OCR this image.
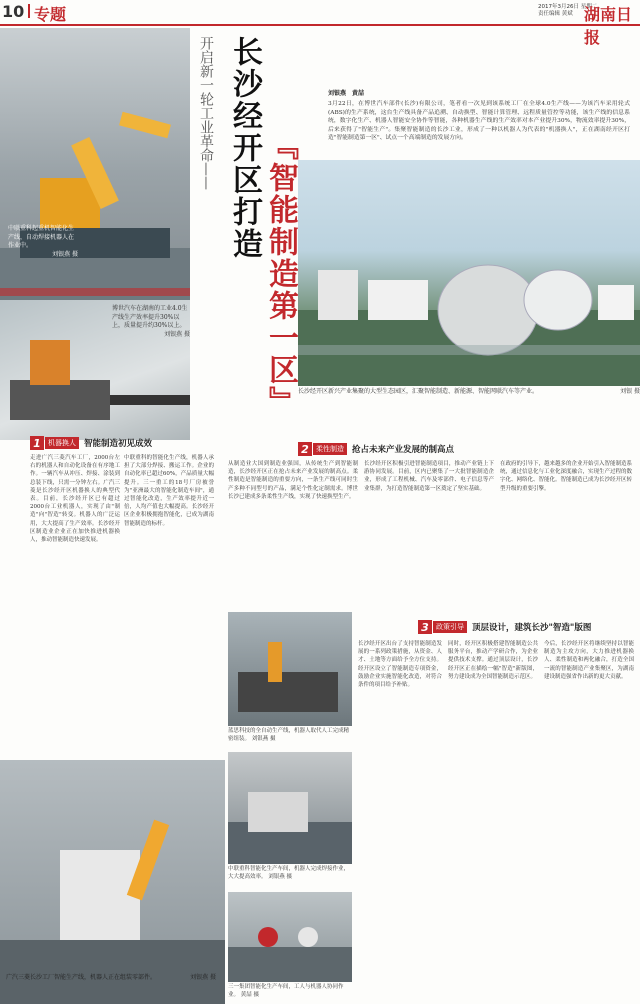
10 专题	2017年3月26日 星期二
责任编辑 黄斌
中联重科起重机智能化生产线，自动焊接机器人在作业中。
刘银燕 摄
博世汽车在湖南的工业4.0生产线生产效率提升30%以上，质量提升约30%以上。
刘银燕 摄
开启新一轮工业革命—— 长沙经开区打造 『智能制造第一区』
刘银燕　黄喆
3月22日，在博世汽车部件(长沙)有限公司，笔者看一次见到该系统工厂在全球4.0生产线——为该汽车采用轮式(ABS)的生产系统，这台生产线具备产品追溯、自动换型、智能计算管理、远程质量管控等功能，该生产线的信息系统，数字化生产、机器人智能安全协作等智能，各种机器生产线的生产效率对本产业提升30%，物流效率提升30%，后来获得了"智能生产"。集聚智能制造的长沙工业，形成了一种以机器人为代表的"机器换人"，正在湖南经开区打造"智能制造第一区"、试点一个高端制造的发展方向。
长沙经开区新兴产业集聚的大型生态园区，汇聚智能制造、新能源、智能网联汽车等产业。	刘银 摄
1	机器换人 智能制造初见成效
走进广汽三菱汽车工厂，2000台左右的机器人和自动化设备在有序地工作。一辆汽车从冲压、焊接、涂装到总装下线，只需一分钟左右。广汽三菱是长沙经开区机器换人的典型代表。目前，长沙经开区已有超过2000台工业机器人，实现了由"制造"向"智造"转变。机器人的广泛运用，大大提高了生产效率。长沙经开区制造业企业正在加快推进机器换人，推动智能制造快速发展。
中联重科的智能化生产线，机器人承担了大部分焊接、搬运工作。企业的自动化率已超过60%，产品质量大幅提升。三一重工的18号厂房被誉为"亚洲最大的智能化制造车间"，通过智能化改造，生产效率提升近一倍，人均产值也大幅提高。长沙经开区企业积极拥抱智能化，已成为湖南智能制造的标杆。
广汽三菱长沙工厂智能生产线，机器人正在组装零部件。	刘银燕 摄
2	柔性制造 抢占未来产业发展的制高点
从制造业大国到制造业强国，从传统生产到智能制造，长沙经开区正在抢占未来产业发展的制高点。柔性制造是智能制造的重要方向，一条生产线可同时生产多种不同型号的产品，满足个性化定制需求。博世长沙已建成多条柔性生产线，实现了快速换型生产。
长沙经开区积极引进智能制造项目，推动产业链上下游协同发展。目前，区内已聚集了一大批智能制造企业，形成了工程机械、汽车及零部件、电子信息等产业集群，为打造智能制造第一区奠定了坚实基础。
在政府的引导下，越来越多的企业开始引入智能制造系统，通过信息化与工业化深度融合，实现生产过程的数字化、网络化、智能化。智能制造已成为长沙经开区转型升级的重要引擎。
3	政策引导 顶层设计，建筑长沙"智造"版图
蓝思科技的全自动生产线，机器人取代人工完成精密组装。 刘银燕 摄
中联重科智能化生产车间，机器人完成焊接作业，大大提高效率。 刘银燕 摄
三一集团智能化生产车间，工人与机器人协同作业。 黄喆 摄
长沙经开区出台了支持智能制造发展的一系列政策措施，从资金、人才、土地等方面给予全方位支持。经开区设立了智能制造专项资金，鼓励企业实施智能化改造，对符合条件的项目给予补贴。
同时，经开区积极搭建智能制造公共服务平台，推动产学研合作，为企业提供技术支撑。通过顶层设计，长沙经开区正在描绘一幅"智造"新版图，努力建设成为全国智能制造示范区。
今后，长沙经开区将继续坚持以智能制造为主攻方向，大力推进机器换人、柔性制造和两化融合，打造全国一流的智能制造产业集聚区，为湖南建设制造强省作出新的更大贡献。
湖南日报
